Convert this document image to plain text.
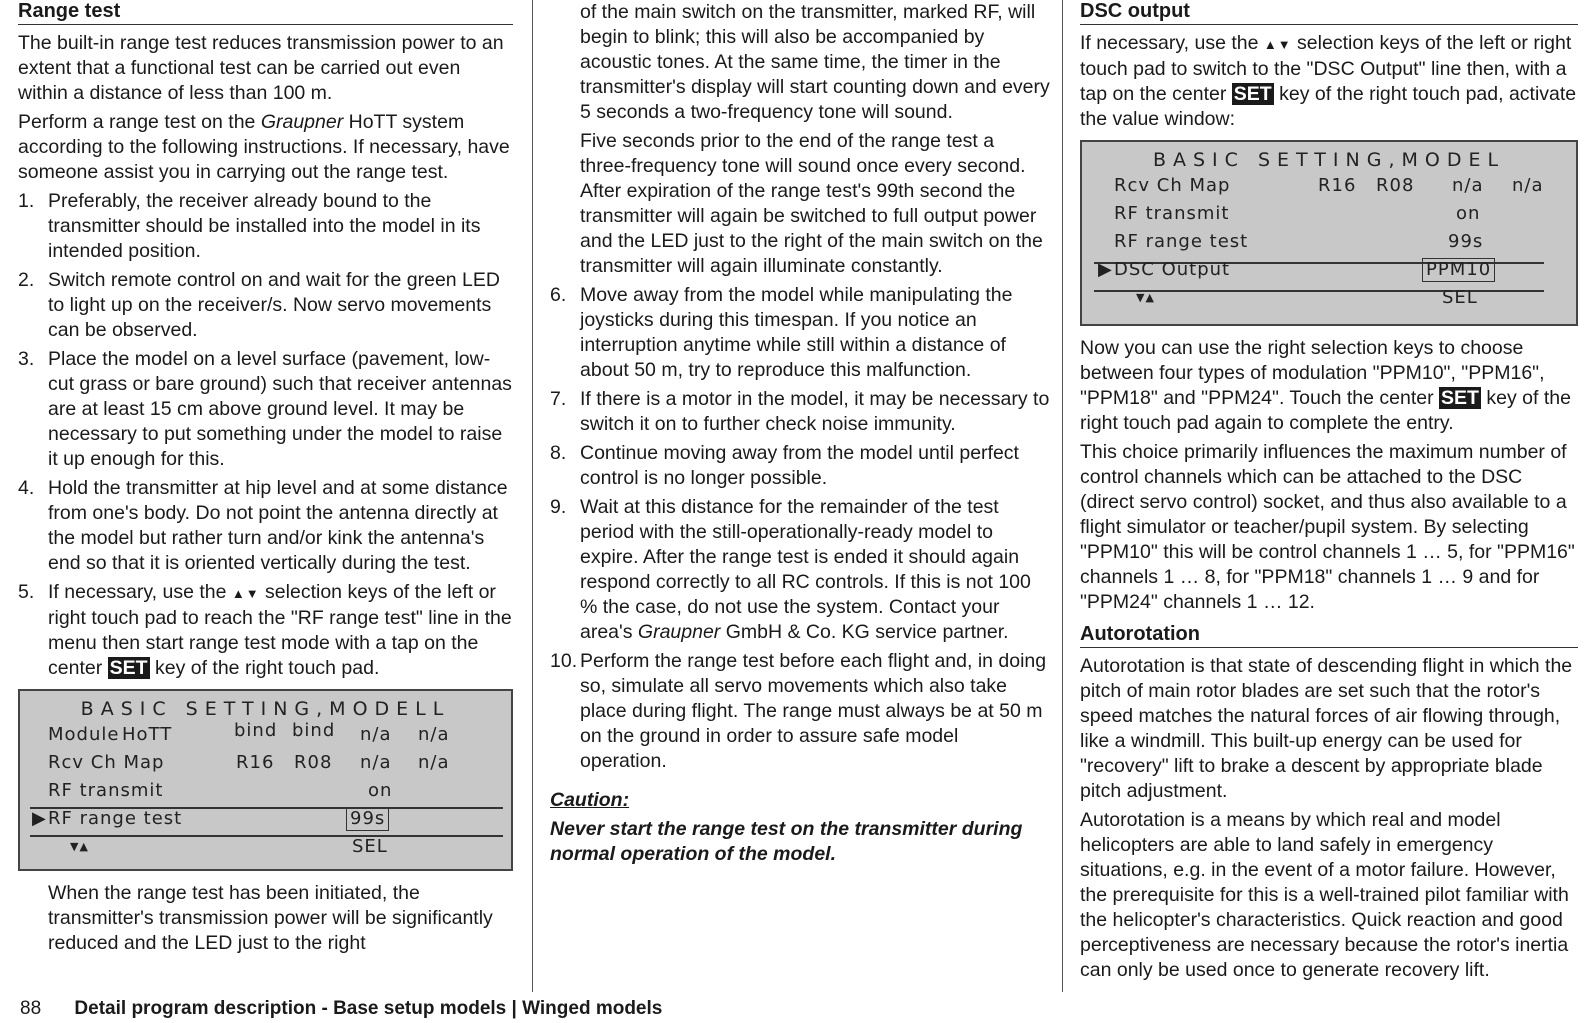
Range test

The built-in range test reduces transmission power to an extent that a functional test can be carried out even within a distance of less than 100 m.

Perform a range test on the Graupner HoTT system according to the following instructions. If necessary, have someone assist you in carrying out the range test.

1. Preferably, the receiver already bound to the transmitter should be installed into the model in its intended position.
2. Switch remote control on and wait for the green LED to light up on the receiver/s. Now servo movements can be observed.
3. Place the model on a level surface (pavement, low-cut grass or bare ground) such that receiver antennas are at least 15 cm above ground level. It may be necessary to put something under the model to raise it up enough for this.
4. Hold the transmitter at hip level and at some distance from one's body. Do not point the antenna directly at the model but rather turn and/or kink the antenna's end so that it is oriented vertically during the test.
5. If necessary, use the ▲▼ selection keys of the left or right touch pad to reach the "RF range test" line in the menu then start range test mode with a tap on the center SET key of the right touch pad.
BASIC SETTING,MODELL
Module HoTT	bind bind n/a n/a
Rcv Ch Map	R16 R08 n/a n/a
RF transmit	on
▶ RF range test	99s
▼▲	SEL

When the range test has been initiated, the transmitter's transmission power will be significantly reduced and the LED just to the right

of the main switch on the transmitter, marked RF, will begin to blink; this will also be accompanied by acoustic tones. At the same time, the timer in the transmitter's display will start counting down and every 5 seconds a two-frequency tone will sound.

Five seconds prior to the end of the range test a three-frequency tone will sound once every second. After expiration of the range test's 99th second the transmitter will again be switched to full output power and the LED just to the right of the main switch on the transmitter will again illuminate constantly.

6. Move away from the model while manipulating the joysticks during this timespan. If you notice an interruption anytime while still within a distance of about 50 m, try to reproduce this malfunction.
7. If there is a motor in the model, it may be necessary to switch it on to further check noise immunity.
8. Continue moving away from the model until perfect control is no longer possible.
9. Wait at this distance for the remainder of the test period with the still-operationally-ready model to expire. After the range test is ended it should again respond correctly to all RC controls. If this is not 100 % the case, do not use the system. Contact your area's Graupner GmbH & Co. KG service partner.
10. Perform the range test before each flight and, in doing so, simulate all servo movements which also take place during flight. The range must always be at 50 m on the ground in order to assure safe model operation.

Caution:

Never start the range test on the transmitter during normal operation of the model.

DSC output

If necessary, use the ▲▼ selection keys of the left or right touch pad to switch to the "DSC Output" line then, with a tap on the center SET key of the right touch pad, activate the value window:

BASIC SETTING,MODEL
Rcv Ch Map	R16 R08 n/a n/a
RF transmit	on
RF range test	99s
▶ DSC Output	PPM10
▼▲	SEL

Now you can use the right selection keys to choose between four types of modulation "PPM10", "PPM16", "PPM18" and "PPM24". Touch the center SET key of the right touch pad again to complete the entry.

This choice primarily influences the maximum number of control channels which can be attached to the DSC (direct servo control) socket, and thus also available to a flight simulator or teacher/pupil system. By selecting "PPM10" this will be control channels 1 … 5, for "PPM16" channels 1 … 8, for "PPM18" channels 1 … 9 and for "PPM24" channels 1 … 12.

Autorotation

Autorotation is that state of descending flight in which the pitch of main rotor blades are set such that the rotor's speed matches the natural forces of air flowing through, like a windmill. This built-up energy can be used for "recovery" lift to brake a descent by appropriate blade pitch adjustment.

Autorotation is a means by which real and model helicopters are able to land safely in emergency situations, e.g. in the event of a motor failure. However, the prerequisite for this is a well-trained pilot familiar with the helicopter's characteristics. Quick reaction and good perceptiveness are necessary because the rotor's inertia can only be used once to generate recovery lift.

88 Detail program description - Base setup models | Winged models
